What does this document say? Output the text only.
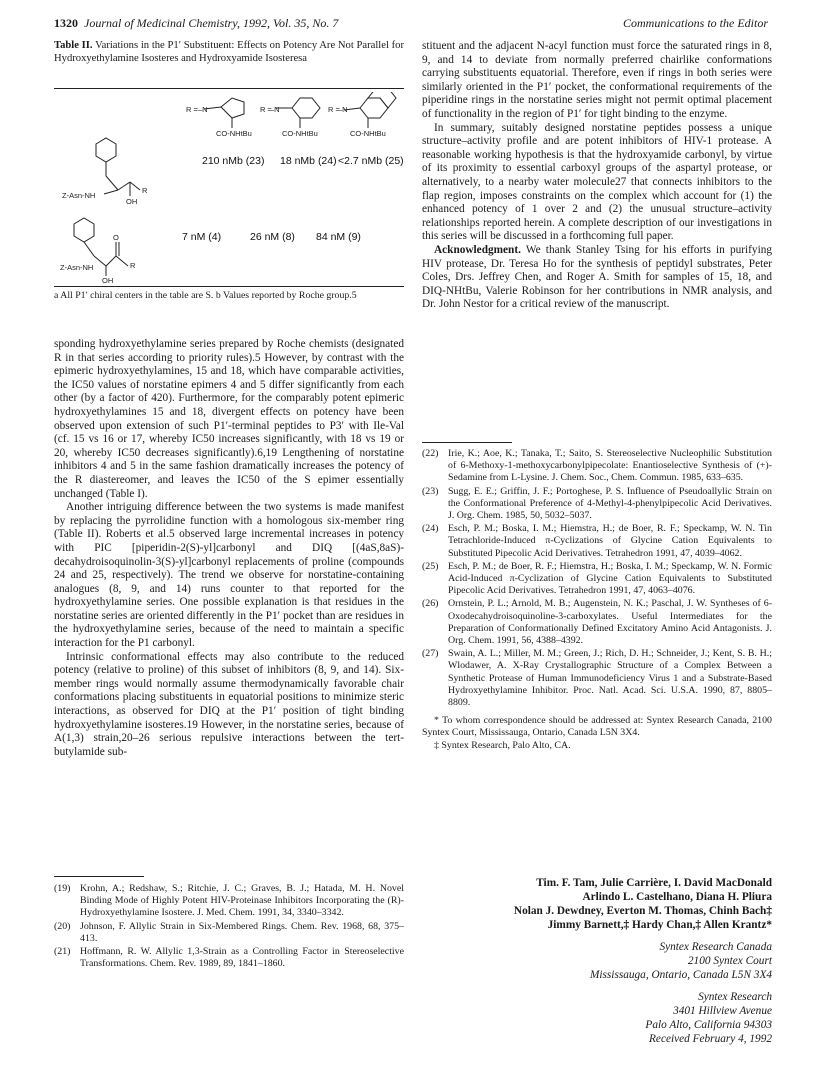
1320 Journal of Medicinal Chemistry, 1992, Vol. 35, No. 7	Communications to the Editor
Table II. Variations in the P1′ Substituent: Effects on Potency Are Not Parallel for Hydroxyethylamine Isosteres and Hydroxyamide Isosteresa
R = –N	R =
–N	R =
–N
CO-NHtBu	CO-NHtBu	CO-NHtBu
Z-Asn-NH
OH
R
Z-Asn-NH
OH
R
O
210 nMb (23) 18 nMb (24) <2.7 nMb (25)
7 nM (4)	26 nM (8) 84 nM (9)
a All P1′ chiral centers in the table are S. b Values reported by Roche group.5

sponding hydroxyethylamine series prepared by Roche chemists (designated R in that series according to priority rules).5 However, by contrast with the epimeric hydroxyethylamines, 15 and 18, which have comparable activities, the IC50 values of norstatine epimers 4 and 5 differ significantly from each other (by a factor of 420). Furthermore, for the comparably potent epimeric hydroxyethylamines 15 and 18, divergent effects on potency have been observed upon extension of such P1′-terminal peptides to P3′ with Ile-Val (cf. 15 vs 16 or 17, whereby IC50 increases significantly, with 18 vs 19 or 20, whereby IC50 decreases significantly).6,19 Lengthening of norstatine inhibitors 4 and 5 in the same fashion dramatically increases the potency of the R diastereomer, and leaves the IC50 of the S epimer essentially unchanged (Table I).

Another intriguing difference between the two systems is made manifest by replacing the pyrrolidine function with a homologous six-member ring (Table II). Roberts et al.5 observed large incremental increases in potency with PIC [piperidin-2(S)-yl]carbonyl and DIQ [(4aS,8aS)-decahydroisoquinolin-3(S)-yl]carbonyl replacements of proline (compounds 24 and 25, respectively). The trend we observe for norstatine-containing analogues (8, 9, and 14) runs counter to that reported for the hydroxyethylamine series. One possible explanation is that residues in the norstatine series are oriented differently in the P1′ pocket than are residues in the hydroxyethylamine series, because of the need to maintain a specific interaction for the P1 carbonyl.

Intrinsic conformational effects may also contribute to the reduced potency (relative to proline) of this subset of inhibitors (8, 9, and 14). Six-member rings would normally assume thermodynamically favorable chair conformations placing substituents in equatorial positions to minimize steric interactions, as observed for DIQ at the P1′ position of tight binding hydroxyethylamine isosteres.19 However, in the norstatine series, because of A(1,3) strain,20–26 serious repulsive interactions between the tert-butylamide sub-

(19) Krohn, A.; Redshaw, S.; Ritchie, J. C.; Graves, B. J.; Hatada, M. H. Novel Binding Mode of Highly Potent HIV-Proteinase Inhibitors Incorporating the (R)-Hydroxyethylamine Isostere. J. Med. Chem. 1991, 34, 3340–3342.
(20) Johnson, F. Allylic Strain in Six-Membered Rings. Chem. Rev. 1968, 68, 375–413.
(21) Hoffmann, R. W. Allylic 1,3-Strain as a Controlling Factor in Stereoselective Transformations. Chem. Rev. 1989, 89, 1841–1860.

stituent and the adjacent N-acyl function must force the saturated rings in 8, 9, and 14 to deviate from normally preferred chairlike conformations carrying substituents equatorial. Therefore, even if rings in both series were similarly oriented in the P1′ pocket, the conformational requirements of the piperidine rings in the norstatine series might not permit optimal placement of functionality in the region of P1′ for tight binding to the enzyme.

In summary, suitably designed norstatine peptides possess a unique structure–activity profile and are potent inhibitors of HIV-1 protease. A reasonable working hypothesis is that the hydroxyamide carbonyl, by virtue of its proximity to essential carboxyl groups of the aspartyl protease, or alternatively, to a nearby water molecule27 that connects inhibitors to the flap region, imposes constraints on the complex which account for (1) the enhanced potency of 1 over 2 and (2) the unusual structure–activity relationships reported herein. A complete description of our investigations in this series will be discussed in a forthcoming full paper.

Acknowledgment. We thank Stanley Tsing for his efforts in purifying HIV protease, Dr. Teresa Ho for the synthesis of peptidyl substrates, Peter Coles, Drs. Jeffrey Chen, and Roger A. Smith for samples of 15, 18, and DIQ-NHtBu, Valerie Robinson for her contributions in NMR analysis, and Dr. John Nestor for a critical review of the manuscript.

(22) Irie, K.; Aoe, K.; Tanaka, T.; Saito, S. Stereoselective Nucleophilic Substitution of 6-Methoxy-1-methoxycarbonylpipecolate: Enantioselective Synthesis of (+)-Sedamine from L-Lysine. J. Chem. Soc., Chem. Commun. 1985, 633–635.
(23) Sugg, E. E.; Griffin, J. F.; Portoghese, P. S. Influence of Pseudoallylic Strain on the Conformational Preference of 4-Methyl-4-phenylpipecolic Acid Derivatives. J. Org. Chem. 1985, 50, 5032–5037.
(24) Esch, P. M.; Boska, I. M.; Hiemstra, H.; de Boer, R. F.; Speckamp, W. N. Tin Tetrachloride-Induced π-Cyclizations of Glycine Cation Equivalents to Substituted Pipecolic Acid Derivatives. Tetrahedron 1991, 47, 4039–4062.
(25) Esch, P. M.; de Boer, R. F.; Hiemstra, H.; Boska, I. M.; Speckamp, W. N. Formic Acid-Induced π-Cyclization of Glycine Cation Equivalents to Substituted Pipecolic Acid Derivatives. Tetrahedron 1991, 47, 4063–4076.
(26) Ornstein, P. L.; Arnold, M. B.; Augenstein, N. K.; Paschal, J. W. Syntheses of 6-Oxodecahydroisoquinoline-3-carboxylates. Useful Intermediates for the Preparation of Conformationally Defined Excitatory Amino Acid Antagonists. J. Org. Chem. 1991, 56, 4388–4392.
(27) Swain, A. L.; Miller, M. M.; Green, J.; Rich, D. H.; Schneider, J.; Kent, S. B. H.; Wlodawer, A. X-Ray Crystallographic Structure of a Complex Between a Synthetic Protease of Human Immunodeficiency Virus 1 and a Substrate-Based Hydroxyethylamine Inhibitor. Proc. Natl. Acad. Sci. U.S.A. 1990, 87, 8805–8809.

* To whom correspondence should be addressed at: Syntex Research Canada, 2100 Syntex Court, Mississauga, Ontario, Canada L5N 3X4.

‡ Syntex Research, Palo Alto, CA.

Tim. F. Tam, Julie Carrière, I. David MacDonald
Arlindo L. Castelhano, Diana H. Pliura
Nolan J. Dewdney, Everton M. Thomas, Chinh Bach‡
Jimmy Barnett,‡ Hardy Chan,‡ Allen Krantz*
Syntex Research Canada
2100 Syntex Court
Mississauga, Ontario, Canada L5N 3X4
Syntex Research
3401 Hillview Avenue
Palo Alto, California 94303
Received February 4, 1992
